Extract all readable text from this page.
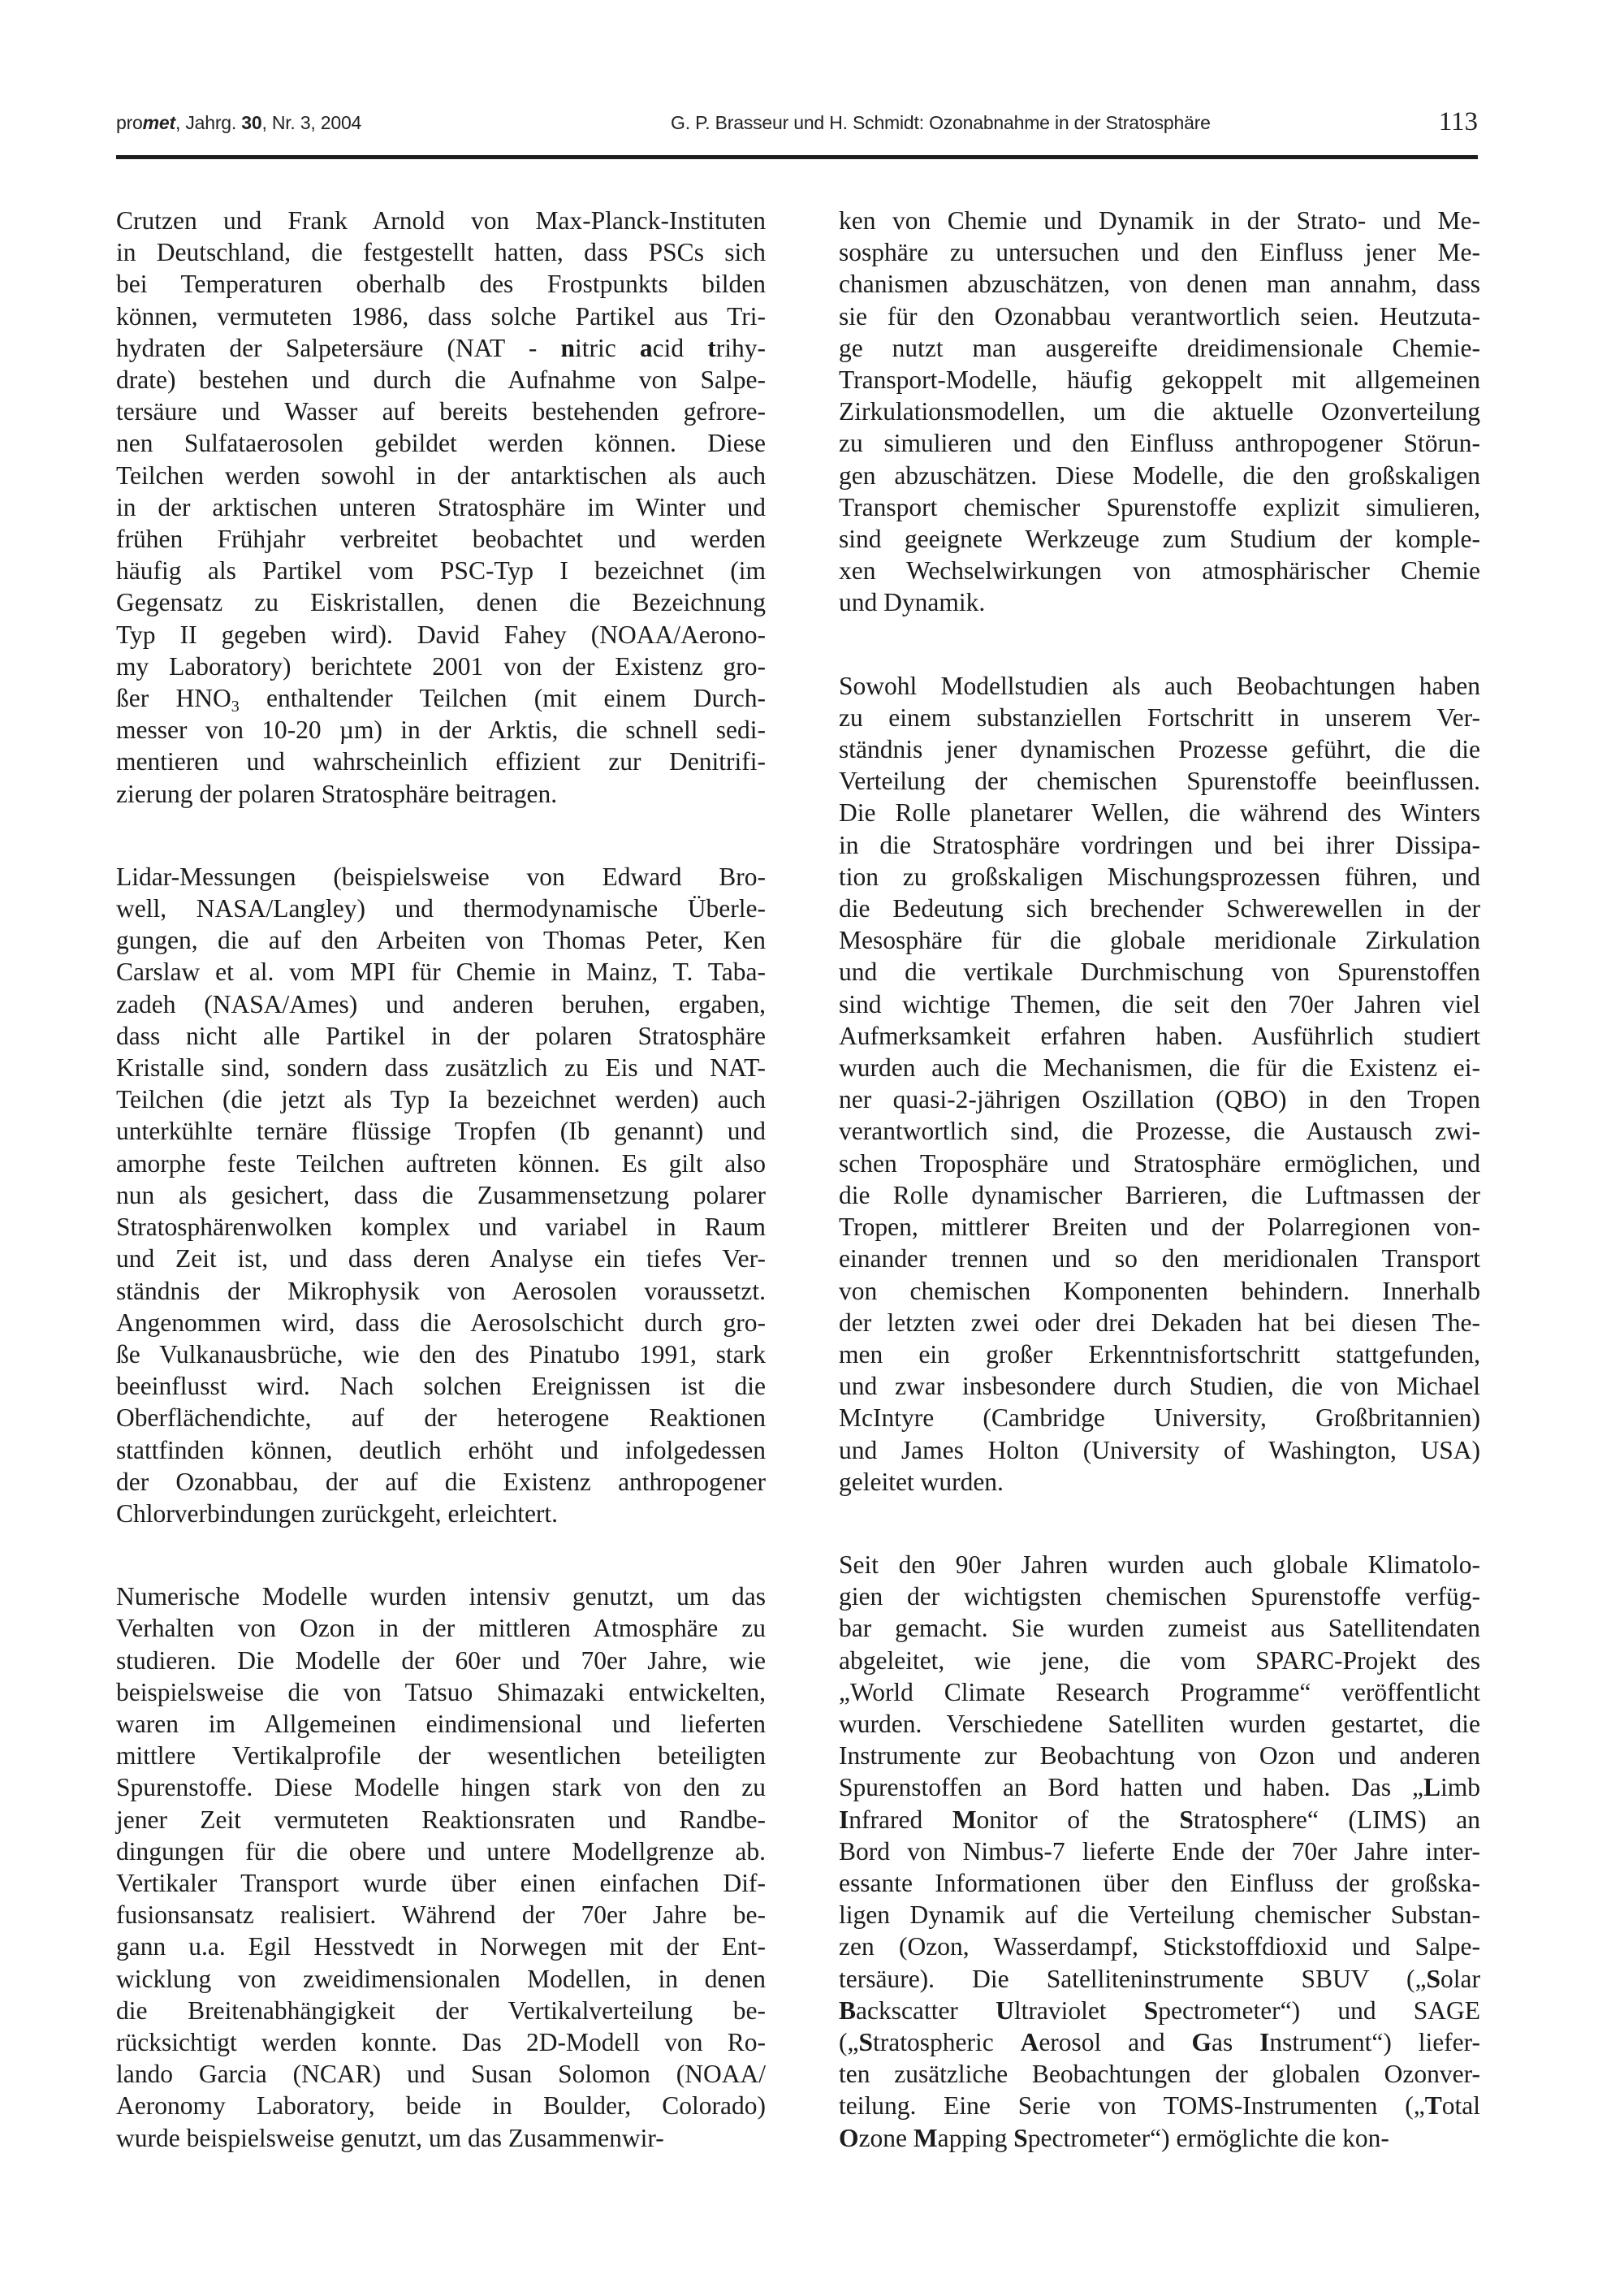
promet, Jahrg. 30, Nr. 3, 2004	G. P. Brasseur und H. Schmidt: Ozonabnahme in der Stratosphäre	113

Crutzen und Frank Arnold von Max-Planck-Instituten
in Deutschland, die festgestellt hatten, dass PSCs sich
bei Temperaturen oberhalb des Frostpunkts bilden
können, vermuteten 1986, dass solche Partikel aus Tri-
hydraten der Salpetersäure (NAT - nitric acid trihy-
drate) bestehen und durch die Aufnahme von Salpe-
tersäure und Wasser auf bereits bestehenden gefrore-
nen Sulfataerosolen gebildet werden können. Diese
Teilchen werden sowohl in der antarktischen als auch
in der arktischen unteren Stratosphäre im Winter und
frühen Frühjahr verbreitet beobachtet und werden
häufig als Partikel vom PSC-Typ I bezeichnet (im
Gegensatz zu Eiskristallen, denen die Bezeichnung
Typ II gegeben wird). David Fahey (NOAA/Aerono-
my Laboratory) berichtete 2001 von der Existenz gro-
ßer $HNO_3$ enthaltender Teilchen (mit einem Durch-
messer von 10-20 µm) in der Arktis, die schnell sedi-
mentieren und wahrscheinlich effizient zur Denitrifi-
zierung der polaren Stratosphäre beitragen.

Lidar-Messungen (beispielsweise von Edward Bro-
well, NASA/Langley) und thermodynamische Überle-
gungen, die auf den Arbeiten von Thomas Peter, Ken
Carslaw et al. vom MPI für Chemie in Mainz, T. Taba-
zadeh (NASA/Ames) und anderen beruhen, ergaben,
dass nicht alle Partikel in der polaren Stratosphäre
Kristalle sind, sondern dass zusätzlich zu Eis und NAT-
Teilchen (die jetzt als Typ Ia bezeichnet werden) auch
unterkühlte ternäre flüssige Tropfen (Ib genannt) und
amorphe feste Teilchen auftreten können. Es gilt also
nun als gesichert, dass die Zusammensetzung polarer
Stratosphärenwolken komplex und variabel in Raum
und Zeit ist, und dass deren Analyse ein tiefes Ver-
ständnis der Mikrophysik von Aerosolen voraussetzt.
Angenommen wird, dass die Aerosolschicht durch gro-
ße Vulkanausbrüche, wie den des Pinatubo 1991, stark
beeinflusst wird. Nach solchen Ereignissen ist die
Oberflächendichte, auf der heterogene Reaktionen
stattfinden können, deutlich erhöht und infolgedessen
der Ozonabbau, der auf die Existenz anthropogener
Chlorverbindungen zurückgeht, erleichtert.

Numerische Modelle wurden intensiv genutzt, um das
Verhalten von Ozon in der mittleren Atmosphäre zu
studieren. Die Modelle der 60er und 70er Jahre, wie
beispielsweise die von Tatsuo Shimazaki entwickelten,
waren im Allgemeinen eindimensional und lieferten
mittlere Vertikalprofile der wesentlichen beteiligten
Spurenstoffe. Diese Modelle hingen stark von den zu
jener Zeit vermuteten Reaktionsraten und Randbe-
dingungen für die obere und untere Modellgrenze ab.
Vertikaler Transport wurde über einen einfachen Dif-
fusionsansatz realisiert. Während der 70er Jahre be-
gann u.a. Egil Hesstvedt in Norwegen mit der Ent-
wicklung von zweidimensionalen Modellen, in denen
die Breitenabhängigkeit der Vertikalverteilung be-
rücksichtigt werden konnte. Das 2D-Modell von Ro-
lando Garcia (NCAR) und Susan Solomon (NOAA/
Aeronomy Laboratory, beide in Boulder, Colorado)
wurde beispielsweise genutzt, um das Zusammenwir-

ken von Chemie und Dynamik in der Strato- und Me-
sosphäre zu untersuchen und den Einfluss jener Me-
chanismen abzuschätzen, von denen man annahm, dass
sie für den Ozonabbau verantwortlich seien. Heutzuta-
ge nutzt man ausgereifte dreidimensionale Chemie-
Transport-Modelle, häufig gekoppelt mit allgemeinen
Zirkulationsmodellen, um die aktuelle Ozonverteilung
zu simulieren und den Einfluss anthropogener Störun-
gen abzuschätzen. Diese Modelle, die den großskaligen
Transport chemischer Spurenstoffe explizit simulieren,
sind geeignete Werkzeuge zum Studium der komple-
xen Wechselwirkungen von atmosphärischer Chemie
und Dynamik.

Sowohl Modellstudien als auch Beobachtungen haben
zu einem substanziellen Fortschritt in unserem Ver-
ständnis jener dynamischen Prozesse geführt, die die
Verteilung der chemischen Spurenstoffe beeinflussen.
Die Rolle planetarer Wellen, die während des Winters
in die Stratosphäre vordringen und bei ihrer Dissipa-
tion zu großskaligen Mischungsprozessen führen, und
die Bedeutung sich brechender Schwerewellen in der
Mesosphäre für die globale meridionale Zirkulation
und die vertikale Durchmischung von Spurenstoffen
sind wichtige Themen, die seit den 70er Jahren viel
Aufmerksamkeit erfahren haben. Ausführlich studiert
wurden auch die Mechanismen, die für die Existenz ei-
ner quasi-2-jährigen Oszillation (QBO) in den Tropen
verantwortlich sind, die Prozesse, die Austausch zwi-
schen Troposphäre und Stratosphäre ermöglichen, und
die Rolle dynamischer Barrieren, die Luftmassen der
Tropen, mittlerer Breiten und der Polarregionen von-
einander trennen und so den meridionalen Transport
von chemischen Komponenten behindern. Innerhalb
der letzten zwei oder drei Dekaden hat bei diesen The-
men ein großer Erkenntnisfortschritt stattgefunden,
und zwar insbesondere durch Studien, die von Michael
McIntyre (Cambridge University, Großbritannien)
und James Holton (University of Washington, USA)
geleitet wurden.

Seit den 90er Jahren wurden auch globale Klimatolo-
gien der wichtigsten chemischen Spurenstoffe verfüg-
bar gemacht. Sie wurden zumeist aus Satellitendaten
abgeleitet, wie jene, die vom SPARC-Projekt des
„World Climate Research Programme“ veröffentlicht
wurden. Verschiedene Satelliten wurden gestartet, die
Instrumente zur Beobachtung von Ozon und anderen
Spurenstoffen an Bord hatten und haben. Das „Limb
Infrared Monitor of the Stratosphere“ (LIMS) an
Bord von Nimbus-7 lieferte Ende der 70er Jahre inter-
essante Informationen über den Einfluss der großska-
ligen Dynamik auf die Verteilung chemischer Substan-
zen (Ozon, Wasserdampf, Stickstoffdioxid und Salpe-
tersäure). Die Satelliteninstrumente SBUV („Solar
Backscatter Ultraviolet Spectrometer“) und SAGE
(„Stratospheric Aerosol and Gas Instrument“) liefer-
ten zusätzliche Beobachtungen der globalen Ozonver-
teilung. Eine Serie von TOMS-Instrumenten („Total
Ozone Mapping Spectrometer“) ermöglichte die kon-
